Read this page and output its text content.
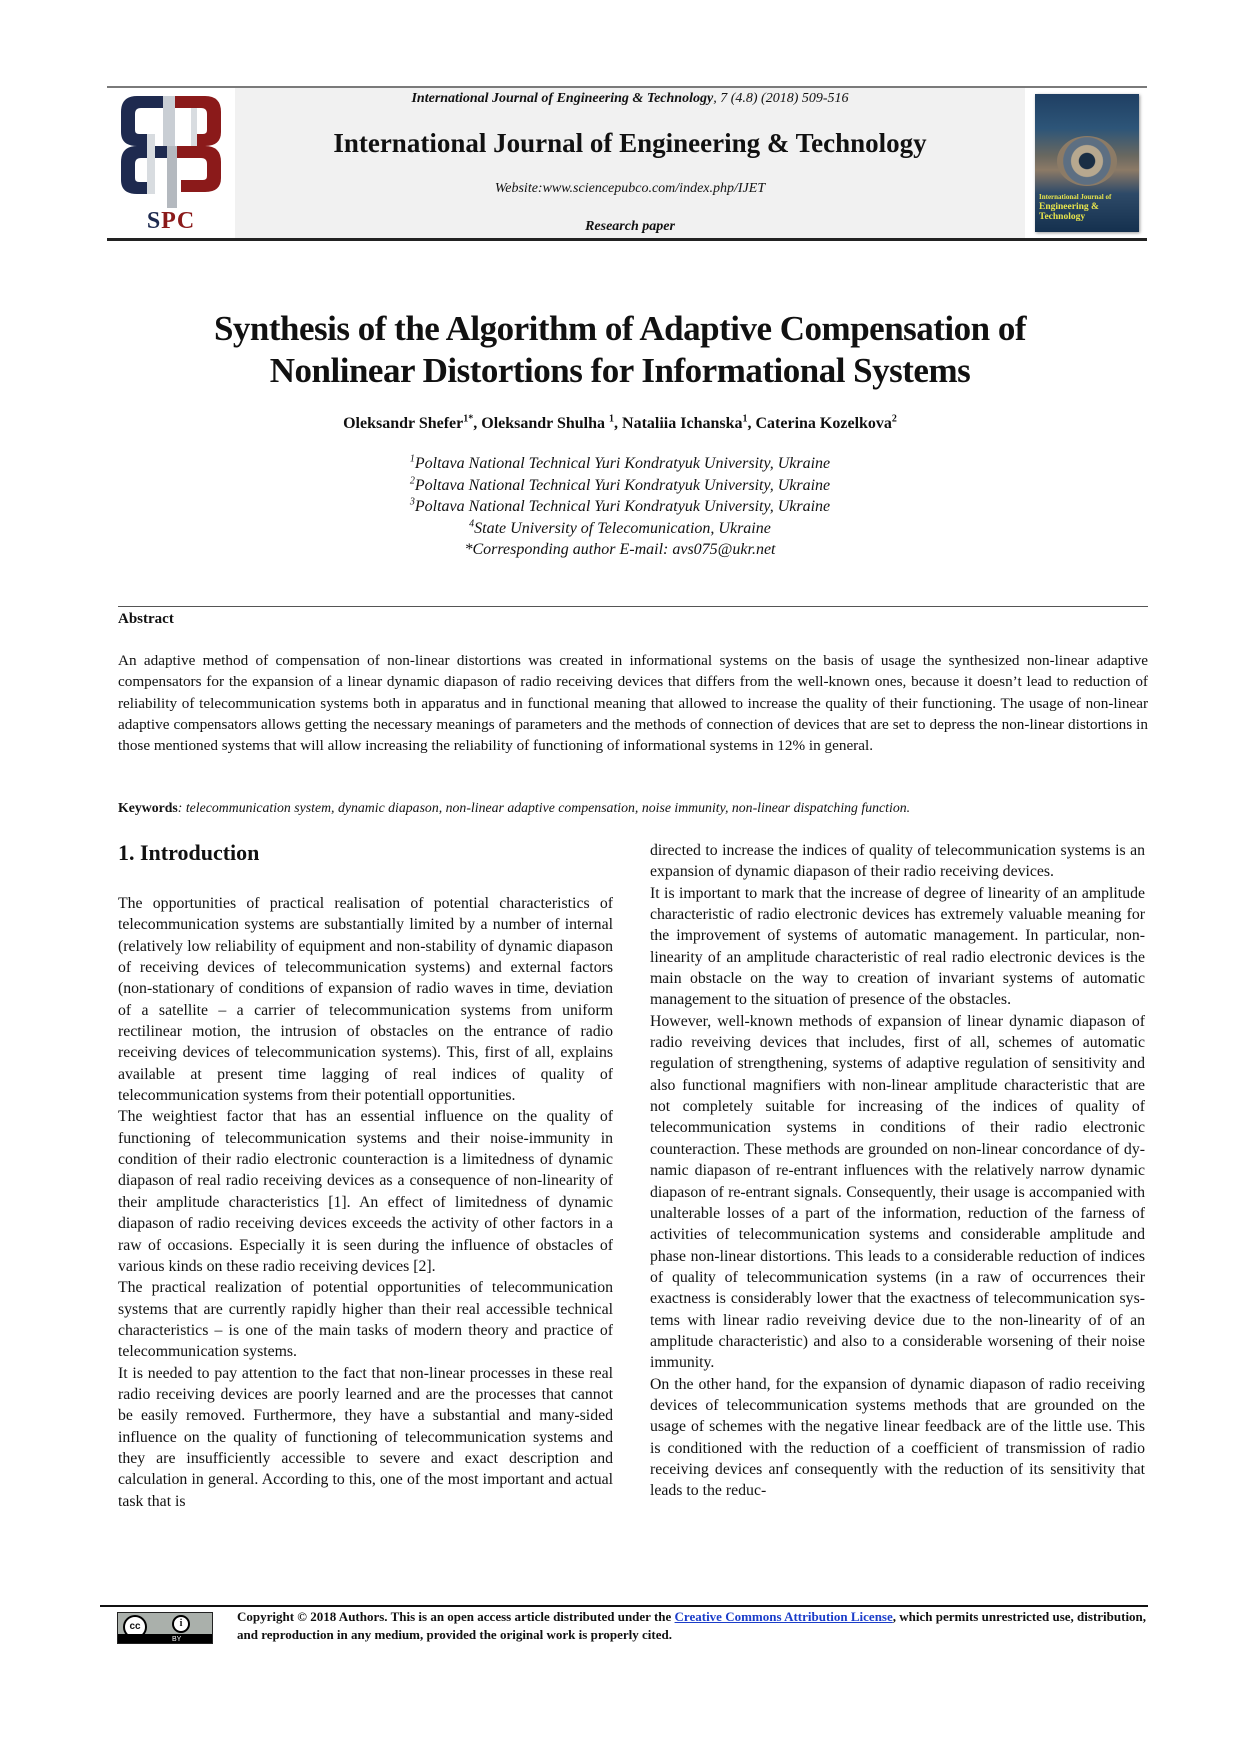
SPC
International Journal of Engineering & Technology, 7 (4.8) (2018) 509-516
International Journal of Engineering & Technology
Website:www.sciencepubco.com/index.php/IJET
Research paper
International Journal of
Engineering & Technology
Synthesis of the Algorithm of Adaptive Compensation of
Nonlinear Distortions for Informational Systems
Oleksandr Shefer$^{1*}$, Oleksandr Shulha $^1$, Nataliia Ichanska$^1$, Caterina Kozelkova$^2$
$^1$Poltava National Technical Yuri Kondratyuk University, Ukraine
$^2$Poltava National Technical Yuri Kondratyuk University, Ukraine
$^3$Poltava National Technical Yuri Kondratyuk University, Ukraine
$^4$State University of Telecomunication, Ukraine
*Corresponding author E-mail: avs075@ukr.net
Abstract
An adaptive method of compensation of non-linear distortions was created in informational systems on the basis of usage the synthesized non-linear adaptive compensators for the expansion of a linear dynamic diapason of radio receiving devices that differs from the well-known ones, because it doesn’t lead to reduction of reliability of telecommunication systems both in apparatus and in functional meaning that allowed to increase the quality of their functioning. The usage of non-linear adaptive compensators allows getting the necessary meanings of parameters and the methods of connection of devices that are set to depress the non-linear distortions in those mentioned systems that will allow increasing the reliability of functioning of informational systems in 12% in general.
Keywords: telecommunication system, dynamic diapason, non-linear adaptive compensation, noise immunity, non-linear dispatching function.
1. Introduction

The opportunities of practical realisation of potential characteristics of telecommunication systems are substantially limited by a number of internal (relatively low reliability of equipment and non-stability of dynamic diapason of receiving devices of telecommunication systems) and external factors (non-stationary of conditions of expansion of radio waves in time, deviation of a satellite – a carrier of telecommunication systems from uniform rectilinear motion, the intrusion of obstacles on the entrance of radio receiving devices of telecommunication systems). This, first of all, explains available at present time lagging of real indices of quality of telecommunication systems from their potentiall opportunities.

The weightiest factor that has an essential influence on the quality of functioning of telecommunication systems and their noise-immunity in condition of their radio electronic counteraction is a limitedness of dynamic diapason of real radio receiving devices as a consequence of non-linearity of their amplitude characteristics [1]. An effect of limitedness of dynamic diapason of radio receiving devices exceeds the activity of other factors in a raw of occasions. Especially it is seen during the influence of obstacles of various kinds on these radio receiving devices [2].

The practical realization of potential opportunities of telecommunication systems that are currently rapidly higher than their real accessible technical characteristics – is one of the main tasks of modern theory and practice of telecommunication systems.

It is needed to pay attention to the fact that non-linear processes in these real radio receiving devices are poorly learned and are the processes that cannot be easily removed. Furthermore, they have a substantial and many-sided influence on the quality of functioning of telecommunication systems and they are insufficiently accessible to severe and exact description and calculation in general. According to this, one of the most important and actual task that is

directed to increase the indices of quality of telecommunication systems is an expansion of dynamic diapason of their radio receiving devices.

It is important to mark that the increase of degree of linearity of an amplitude characteristic of radio electronic devices has extremely valuable meaning for the improvement of systems of automatic management. In particular, non-linearity of an amplitude characteristic of real radio electronic devices is the main obstacle on the way to creation of invariant systems of automatic management to the situation of presence of the obstacles.

However, well-known methods of expansion of linear dynamic diapason of radio reveiving devices that includes, first of all, schemes of automatic regulation of strengthening, systems of adaptive regulation of sensitivity and also functional magnifiers with non-linear amplitude characteristic that are not completely suitable for increasing of the indices of quality of telecommunication systems in conditions of their radio electronic counteraction. These methods are grounded on non-linear concordance of dynamic diapason of re-entrant influences with the relatively narrow dynamic diapason of re-entrant signals. Consequently, their usage is accompanied with unalterable losses of a part of the information, reduction of the farness of activities of telecommunication systems and considerable amplitude and phase non-linear distortions. This leads to a considerable reduction of indices of quality of telecommunication systems (in a raw of occurrences their exactness is considerably lower that the exactness of telecommunication systems with linear radio reveiving device due to the non-linearity of of an amplitude characteristic) and also to a considerable worsening of their noise immunity.

On the other hand, for the expansion of dynamic diapason of radio receiving devices of telecommunication systems methods that are grounded on the usage of schemes with the negative linear feedback are of the little use. This is conditioned with the reduction of a coefficient of transmission of radio receiving devices anf consequently with the reduction of its sensitivity that leads to the reduc-

cc	i
BY
Copyright © 2018 Authors. This is an open access article distributed under the Creative Commons Attribution License, which permits unrestricted use, distribution, and reproduction in any medium, provided the original work is properly cited.
